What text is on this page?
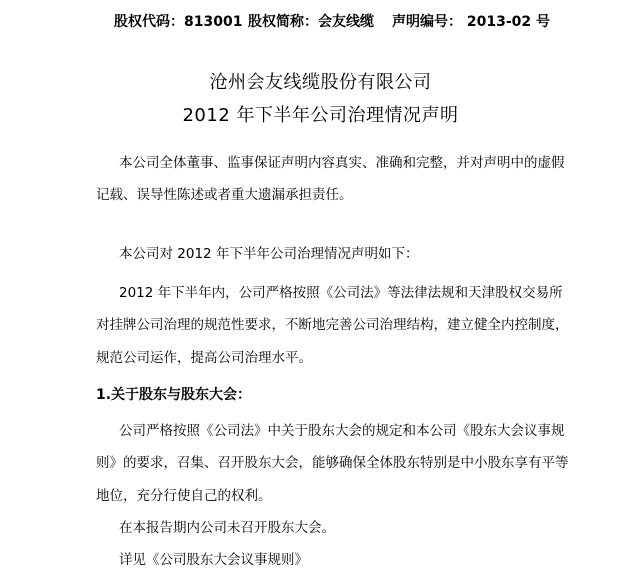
股权代码：813001 股权简称：会友线缆 声明编号： 2013-02 号
沧州会友线缆股份有限公司
2012 年下半年公司治理情况声明
本公司全体董事、监事保证声明内容真实、准确和完整，并对声明中的虚假
记载、误导性陈述或者重大遗漏承担责任。
本公司对 2012 年下半年公司治理情况声明如下：
2012 年下半年内，公司严格按照《公司法》等法律法规和天津股权交易所
对挂牌公司治理的规范性要求，不断地完善公司治理结构，建立健全内控制度，
规范公司运作，提高公司治理水平。
1.关于股东与股东大会：
公司严格按照《公司法》中关于股东大会的规定和本公司《股东大会议事规
则》的要求，召集、召开股东大会，能够确保全体股东特别是中小股东享有平等
地位，充分行使自己的权利。
在本报告期内公司未召开股东大会。
详见《公司股东大会议事规则》
